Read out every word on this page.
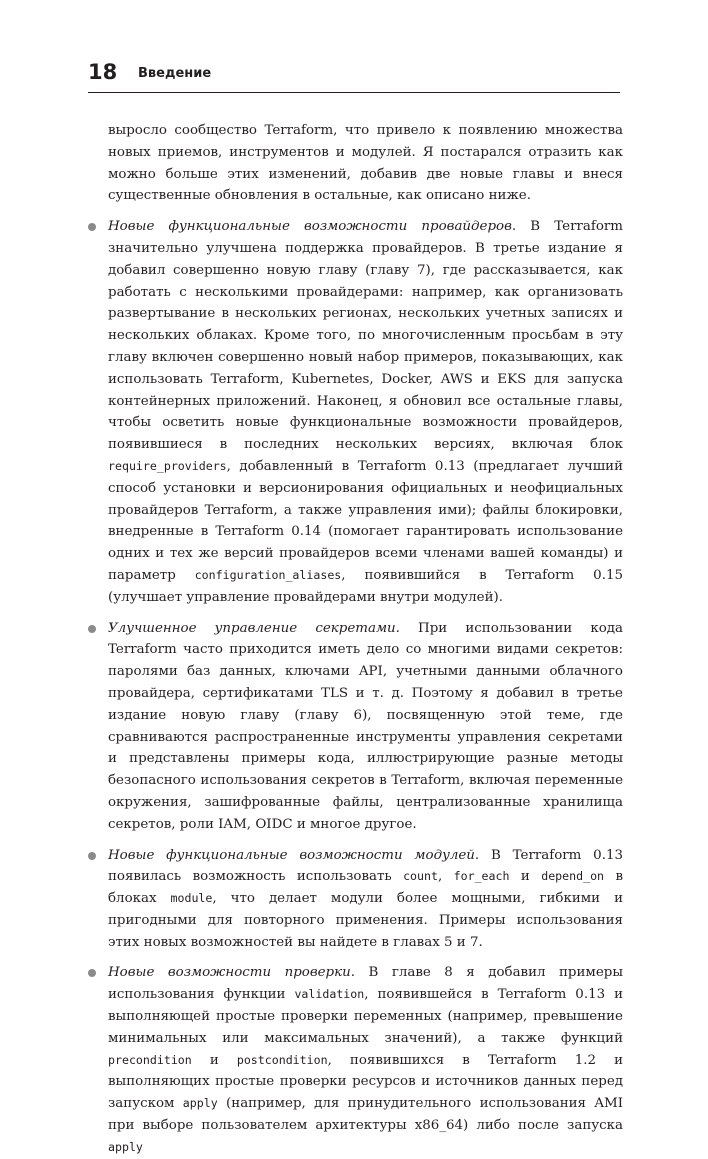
18 Введение

выросло сообщество Terraform, что привело к появлению множества новых приемов, инструментов и модулей. Я постарался отразить как можно больше этих изменений, добавив две новые главы и внеся существенные обновления в остальные, как описано ниже.

Новые функциональные возможности провайдеров. В Terraform значительно улучшена поддержка провайдеров. В третье издание я добавил совершенно новую главу (главу 7), где рассказывается, как работать с несколькими провайдерами: например, как организовать развертывание в нескольких регионах, нескольких учетных записях и нескольких облаках. Кроме того, по многочисленным просьбам в эту главу включен совершенно новый набор примеров, показывающих, как использовать Terraform, Kubernetes, Docker, AWS и EKS для запуска контейнерных приложений. Наконец, я обновил все остальные главы, чтобы осветить новые функциональные возможности провайдеров, появившиеся в последних нескольких версиях, включая блок require_providers, добавленный в Terraform 0.13 (предлагает лучший способ установки и версионирования официальных и неофициальных провайдеров Terraform, а также управления ими); файлы блокировки, внедренные в Terraform 0.14 (помогает гарантировать использование одних и тех же версий провайдеров всеми членами вашей команды) и параметр configuration_aliases, появившийся в Terraform 0.15 (улучшает управление провайдерами внутри модулей).
Улучшенное управление секретами. При использовании кода Terraform часто приходится иметь дело со многими видами секретов: паролями баз данных, ключами API, учетными данными облачного провайдера, сертификатами TLS и т. д. Поэтому я добавил в третье издание новую главу (главу 6), посвященную этой теме, где сравниваются распространенные инструменты управления секретами и представлены примеры кода, иллюстрирующие разные методы безопасного использования секретов в Terraform, включая переменные окружения, зашифрованные файлы, централизованные хранилища секретов, роли IAM, OIDC и многое другое.
Новые функциональные возможности модулей. В Terraform 0.13 появилась возможность использовать count, for_each и depend_on в блоках module, что делает модули более мощными, гибкими и пригодными для повторного применения. Примеры использования этих новых возможностей вы найдете в главах 5 и 7.
Новые возможности проверки. В главе 8 я добавил примеры использования функции validation, появившейся в Terraform 0.13 и выполняющей простые проверки переменных (например, превышение минимальных или максимальных значений), а также функций precondition и postcondition, появившихся в Terraform 1.2 и выполняющих простые проверки ресурсов и источников данных перед запуском apply (например, для принудительного использования AMI при выборе пользователем архитектуры x86_64) либо после запуска apply
